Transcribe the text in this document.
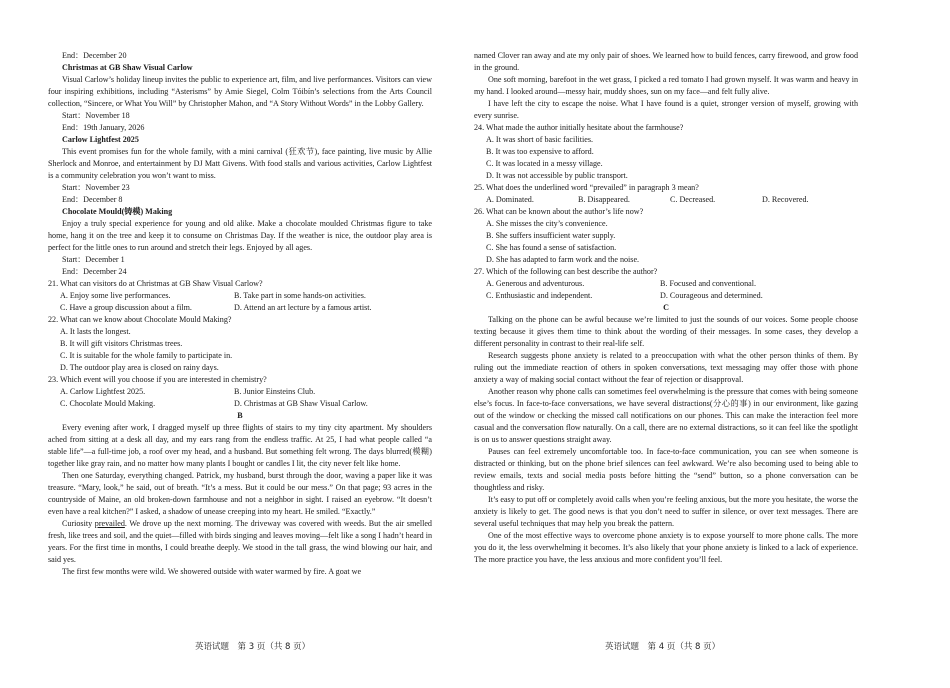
End：December 20

Christmas at GB Shaw Visual Carlow

Visual Carlow’s holiday lineup invites the public to experience art, film, and live performances. Visitors can view four inspiring exhibitions, including “Asterisms” by Amie Siegel, Colm Tóibín’s selections from the Arts Council collection, “Sincere, or What You Will” by Christopher Mahon, and “A Story Without Words” in the Lobby Gallery.

Start：November 18

End：19th January, 2026

Carlow Lightfest 2025

This event promises fun for the whole family, with a mini carnival (狂欢节), face painting, live music by Allie Sherlock and Monroe, and entertainment by DJ Matt Givens. With food stalls and various activities, Carlow Lightfest is a community celebration you won’t want to miss.

Start：November 23

End：December 8

Chocolate Mould(铸模) Making

Enjoy a truly special experience for young and old alike. Make a chocolate moulded Christmas figure to take home, hang it on the tree and keep it to consume on Christmas Day. If the weather is nice, the outdoor play area is perfect for the little ones to run around and stretch their legs. Enjoyed by all ages.

Start：December 1

End：December 24

21. What can visitors do at Christmas at GB Shaw Visual Carlow?

A. Enjoy some live performances.	B. Take part in some hands-on activities.
C. Have a group discussion about a film.	D. Attend an art lecture by a famous artist.

22. What can we know about Chocolate Mould Making?

A. It lasts the longest.

B. It will gift visitors Christmas trees.

C. It is suitable for the whole family to participate in.

D. The outdoor play area is closed on rainy days.

23. Which event will you choose if you are interested in chemistry?

A. Carlow Lightfest 2025.	B. Junior Einsteins Club.
C. Chocolate Mould Making.	D. Christmas at GB Shaw Visual Carlow.

B

Every evening after work, I dragged myself up three flights of stairs to my tiny city apartment. My shoulders ached from sitting at a desk all day, and my ears rang from the endless traffic. At 25, I had what people called “a stable life”—a full-time job, a roof over my head, and a husband. But something felt wrong. The days blurred(模糊) together like gray rain, and no matter how many plants I bought or candles I lit, the city never felt like home.

Then one Saturday, everything changed. Patrick, my husband, burst through the door, waving a paper like it was treasure. “Mary, look,” he said, out of breath. “It’s a mess. But it could be our mess.” On that page; 93 acres in the countryside of Maine, an old broken-down farmhouse and not a neighbor in sight. I raised an eyebrow. “It doesn’t even have a real kitchen?” I asked, a shadow of unease creeping into my heart. He smiled. “Exactly.”

Curiosity prevailed. We drove up the next morning. The driveway was covered with weeds. But the air smelled fresh, like trees and soil, and the quiet—filled with birds singing and leaves moving—felt like a song I hadn’t heard in years. For the first time in months, I could breathe deeply. We stood in the tall grass, the wind blowing our hair, and said yes.

The first few months were wild. We showered outside with water warmed by fire. A goat we

named Clover ran away and ate my only pair of shoes. We learned how to build fences, carry firewood, and grow food in the ground.

One soft morning, barefoot in the wet grass, I picked a red tomato I had grown myself. It was warm and heavy in my hand. I looked around—messy hair, muddy shoes, sun on my face—and felt fully alive.

I have left the city to escape the noise. What I have found is a quiet, stronger version of myself, growing with every sunrise.

24. What made the author initially hesitate about the farmhouse?

A. It was short of basic facilities.

B. It was too expensive to afford.

C. It was located in a messy village.

D. It was not accessible by public transport.

25. What does the underlined word “prevailed” in paragraph 3 mean?

A. Dominated.	B. Disappeared.	C. Decreased.	D. Recovered.

26. What can be known about the author’s life now?

A. She misses the city’s convenience.

B. She suffers insufficient water supply.

C. She has found a sense of satisfaction.

D. She has adapted to farm work and the noise.

27. Which of the following can best describe the author?

A. Generous and adventurous.	B. Focused and conventional.
C. Enthusiastic and independent.	D. Courageous and determined.

C

Talking on the phone can be awful because we’re limited to just the sounds of our voices. Some people choose texting because it gives them time to think about the wording of their messages. In some cases, they develop a different personality in contrast to their real-life self.

Research suggests phone anxiety is related to a preoccupation with what the other person thinks of them. By ruling out the immediate reaction of others in spoken conversations, text messaging may offer those with phone anxiety a way of making social contact without the fear of rejection or disapproval.

Another reason why phone calls can sometimes feel overwhelming is the pressure that comes with being someone else’s focus. In face-to-face conversations, we have several distractions(分心的事) in our environment, like gazing out of the window or checking the missed call notifications on our phones. This can make the interaction feel more casual and the conversation flow naturally. On a call, there are no external distractions, so it can feel like the spotlight is on us to answer questions straight away.

Pauses can feel extremely uncomfortable too. In face-to-face communication, you can see when someone is distracted or thinking, but on the phone brief silences can feel awkward. We’re also becoming used to being able to review emails, texts and social media posts before hitting the “send” button, so a phone conversation can be thoughtless and risky.

It’s easy to put off or completely avoid calls when you’re feeling anxious, but the more you hesitate, the worse the anxiety is likely to get. The good news is that you don’t need to suffer in silence, or over text messages. There are several useful techniques that may help you break the pattern.

One of the most effective ways to overcome phone anxiety is to expose yourself to more phone calls. The more you do it, the less overwhelming it becomes. It’s also likely that your phone anxiety is linked to a lack of experience. The more practice you have, the less anxious and more confident you’ll feel.

英语试题　第 3 页（共 8 页）	英语试题　第 4 页（共 8 页）
